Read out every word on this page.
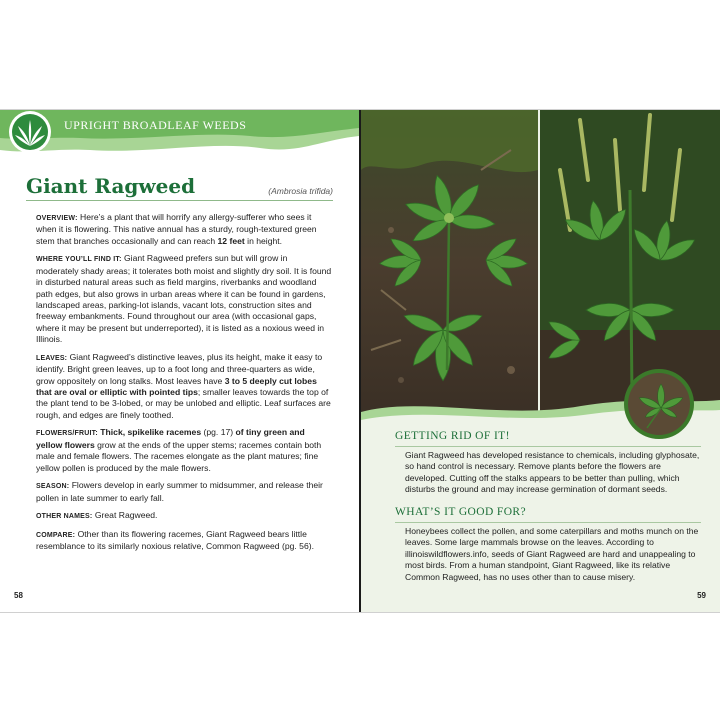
UPRIGHT BROADLEAF WEEDS
Giant Ragweed	(Ambrosia trifida)

OVERVIEW: Here’s a plant that will horrify any allergy-sufferer who sees it when it is flowering. This native annual has a sturdy, rough-textured green stem that branches occasionally and can reach 12 feet in height.

WHERE YOU’LL FIND IT: Giant Ragweed prefers sun but will grow in moderately shady areas; it tolerates both moist and slightly dry soil. It is found in disturbed natural areas such as field margins, riverbanks and woodland path edges, but also grows in urban areas where it can be found in gardens, landscaped areas, parking-lot islands, vacant lots, construction sites and freeway embankments. Found throughout our area (with occasional gaps, where it may be present but underreported), it is listed as a noxious weed in Illinois.

LEAVES: Giant Ragweed’s distinctive leaves, plus its height, make it easy to identify. Bright green leaves, up to a foot long and three-quarters as wide, grow oppositely on long stalks. Most leaves have 3 to 5 deeply cut lobes that are oval or elliptic with pointed tips; smaller leaves towards the top of the plant tend to be 3-lobed, or may be unlobed and elliptic. Leaf surfaces are rough, and edges are finely toothed.

FLOWERS/FRUIT: Thick, spikelike racemes (pg. 17) of tiny green and yellow flowers grow at the ends of the upper stems; racemes contain both male and female flowers. The racemes elongate as the plant matures; fine yellow pollen is produced by the male flowers.

SEASON: Flowers develop in early summer to midsummer, and release their pollen in late summer to early fall.

OTHER NAMES: Great Ragweed.

COMPARE: Other than its flowering racemes, Giant Ragweed bears little resemblance to its similarly noxious relative, Common Ragweed (pg. 56).

58
GETTING RID OF IT!

Giant Ragweed has developed resistance to chemicals, including glyphosate, so hand control is necessary. Remove plants before the flowers are developed. Cutting off the stalks appears to be better than pulling, which disturbs the ground and may increase germination of dormant seeds.

WHAT’S IT GOOD FOR?

Honeybees collect the pollen, and some caterpillars and moths munch on the leaves. Some large mammals browse on the leaves. According to illinoiswildflowers.info, seeds of Giant Ragweed are hard and unappealing to most birds. From a human standpoint, Giant Ragweed, like its relative Common Ragweed, has no uses other than to cause misery.

59
